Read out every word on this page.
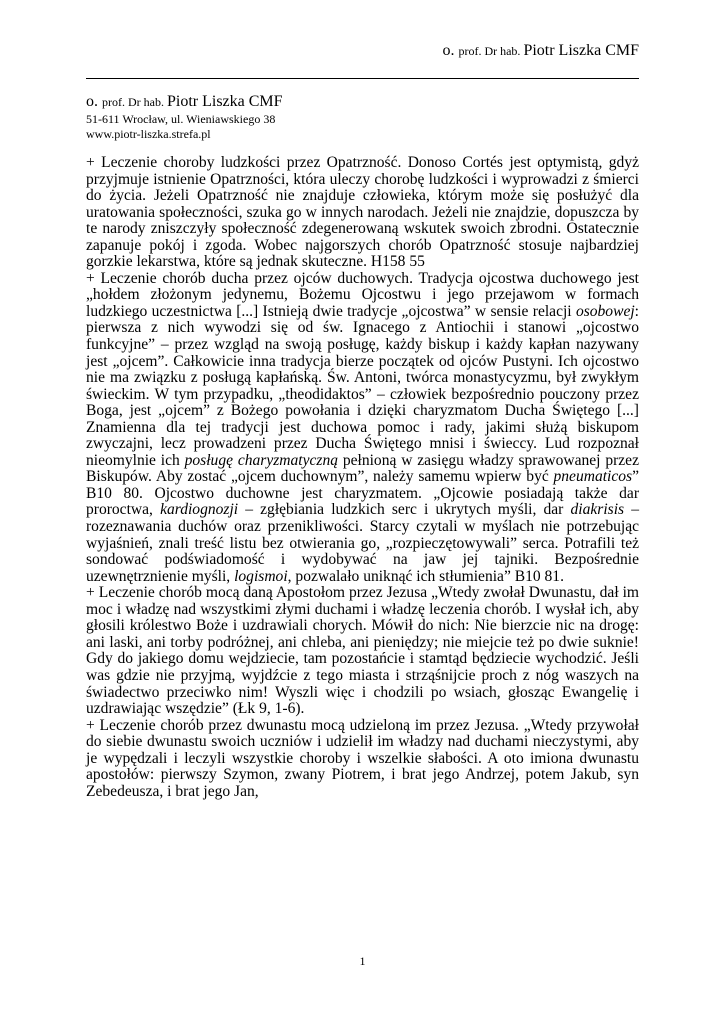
o. prof. Dr hab. Piotr Liszka CMF
o. prof. Dr hab. Piotr Liszka CMF
51-611 Wrocław, ul. Wieniawskiego 38
www.piotr-liszka.strefa.pl

+ Leczenie choroby ludzkości przez Opatrzność. Donoso Cortés jest optymistą, gdyż przyjmuje istnienie Opatrzności, która uleczy chorobę ludzkości i wyprowadzi z śmierci do życia. Jeżeli Opatrzność nie znajduje człowieka, którym może się posłużyć dla uratowania społeczności, szuka go w innych narodach. Jeżeli nie znajdzie, dopuszcza by te narody zniszczyły społeczność zdegenerowaną wskutek swoich zbrodni. Ostatecznie zapanuje pokój i zgoda. Wobec najgorszych chorób Opatrzność stosuje najbardziej gorzkie lekarstwa, które są jednak skuteczne. H158 55

+ Leczenie chorób ducha przez ojców duchowych. Tradycja ojcostwa duchowego jest „hołdem złożonym jedynemu, Bożemu Ojcostwu i jego przejawom w formach ludzkiego uczestnictwa [...] Istnieją dwie tradycje „ojcostwa” w sensie relacji osobowej: pierwsza z nich wywodzi się od św. Ignacego z Antiochii i stanowi „ojcostwo funkcyjne” – przez wzgląd na swoją posługę, każdy biskup i każdy kapłan nazywany jest „ojcem”. Całkowicie inna tradycja bierze początek od ojców Pustyni. Ich ojcostwo nie ma związku z posługą kapłańską. Św. Antoni, twórca monastycyzmu, był zwykłym świeckim. W tym przypadku, „theodidaktos” – człowiek bezpośrednio pouczony przez Boga, jest „ojcem” z Bożego powołania i dzięki charyzmatom Ducha Świętego [...] Znamienna dla tej tradycji jest duchowa pomoc i rady, jakimi służą biskupom zwyczajni, lecz prowadzeni przez Ducha Świętego mnisi i świeccy. Lud rozpoznał nieomylnie ich posługę charyzmatyczną pełnioną w zasięgu władzy sprawowanej przez Biskupów. Aby zostać „ojcem duchownym”, należy samemu wpierw być pneumaticos” B10 80. Ojcostwo duchowne jest charyzmatem. „Ojcowie posiadają także dar proroctwa, kardiognozji – zgłębiania ludzkich serc i ukrytych myśli, dar diakrisis – rozeznawania duchów oraz przenikliwości. Starcy czytali w myślach nie potrzebując wyjaśnień, znali treść listu bez otwierania go, „rozpieczętowywali” serca. Potrafili też sondować podświadomość i wydobywać na jaw jej tajniki. Bezpośrednie uzewnętrznienie myśli, logismoi, pozwalało uniknąć ich stłumienia” B10 81.

+ Leczenie chorób mocą daną Apostołom przez Jezusa „Wtedy zwołał Dwunastu, dał im moc i władzę nad wszystkimi złymi duchami i władzę leczenia chorób. I wysłał ich, aby głosili królestwo Boże i uzdrawiali chorych. Mówił do nich: Nie bierzcie nic na drogę: ani laski, ani torby podróżnej, ani chleba, ani pieniędzy; nie miejcie też po dwie suknie! Gdy do jakiego domu wejdziecie, tam pozostańcie i stamtąd będziecie wychodzić. Jeśli was gdzie nie przyjmą, wyjdźcie z tego miasta i strząśnijcie proch z nóg waszych na świadectwo przeciwko nim! Wyszli więc i chodzili po wsiach, głosząc Ewangelię i uzdrawiając wszędzie” (Łk 9, 1-6).

+ Leczenie chorób przez dwunastu mocą udzieloną im przez Jezusa. „Wtedy przywołał do siebie dwunastu swoich uczniów i udzielił im władzy nad duchami nieczystymi, aby je wypędzali i leczyli wszystkie choroby i wszelkie słabości. A oto imiona dwunastu apostołów: pierwszy Szymon, zwany Piotrem, i brat jego Andrzej, potem Jakub, syn Zebedeusza, i brat jego Jan,

1
